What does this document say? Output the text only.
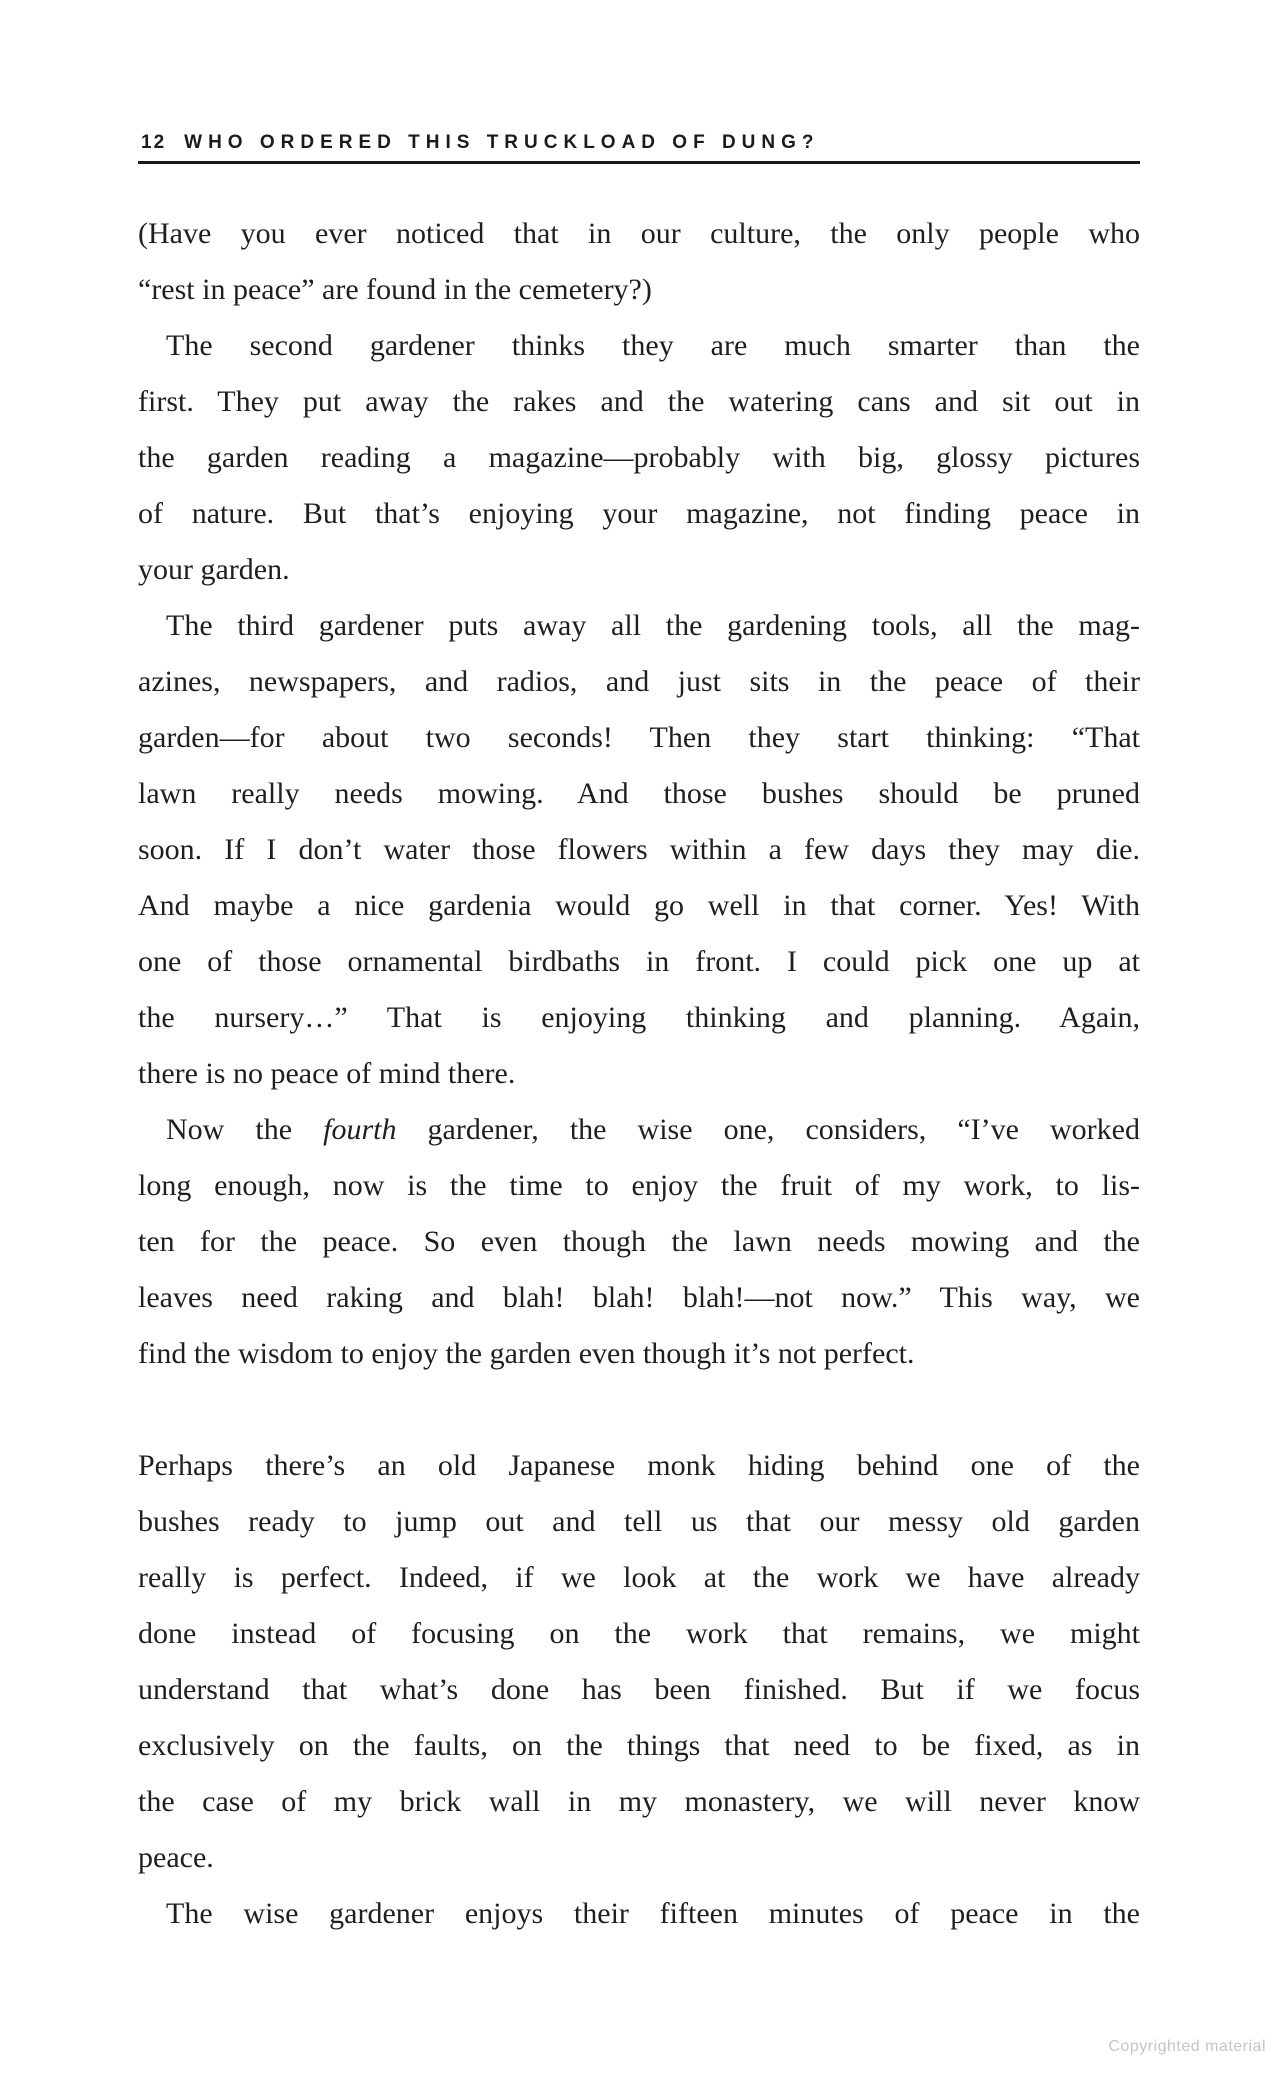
12 WHO ORDERED THIS TRUCKLOAD OF DUNG?
(Have you ever noticed that in our culture, the only people who
“rest in peace” are found in the cemetery?)
The second gardener thinks they are much smarter than the
first. They put away the rakes and the watering cans and sit out in
the garden reading a magazine—probably with big, glossy pictures
of nature. But that’s enjoying your magazine, not finding peace in
your garden.
The third gardener puts away all the gardening tools, all the mag-
azines, newspapers, and radios, and just sits in the peace of their
garden—for about two seconds! Then they start thinking: “That
lawn really needs mowing. And those bushes should be pruned
soon. If I don’t water those flowers within a few days they may die.
And maybe a nice gardenia would go well in that corner. Yes! With
one of those ornamental birdbaths in front. I could pick one up at
the nursery…” That is enjoying thinking and planning. Again,
there is no peace of mind there.
Now the fourth gardener, the wise one, considers, “I’ve worked
long enough, now is the time to enjoy the fruit of my work, to lis-
ten for the peace. So even though the lawn needs mowing and the
leaves need raking and blah! blah! blah!—not now.” This way, we
find the wisdom to enjoy the garden even though it’s not perfect.
Perhaps there’s an old Japanese monk hiding behind one of the
bushes ready to jump out and tell us that our messy old garden
really is perfect. Indeed, if we look at the work we have already
done instead of focusing on the work that remains, we might
understand that what’s done has been finished. But if we focus
exclusively on the faults, on the things that need to be fixed, as in
the case of my brick wall in my monastery, we will never know
peace.
The wise gardener enjoys their fifteen minutes of peace in the
Copyrighted material
